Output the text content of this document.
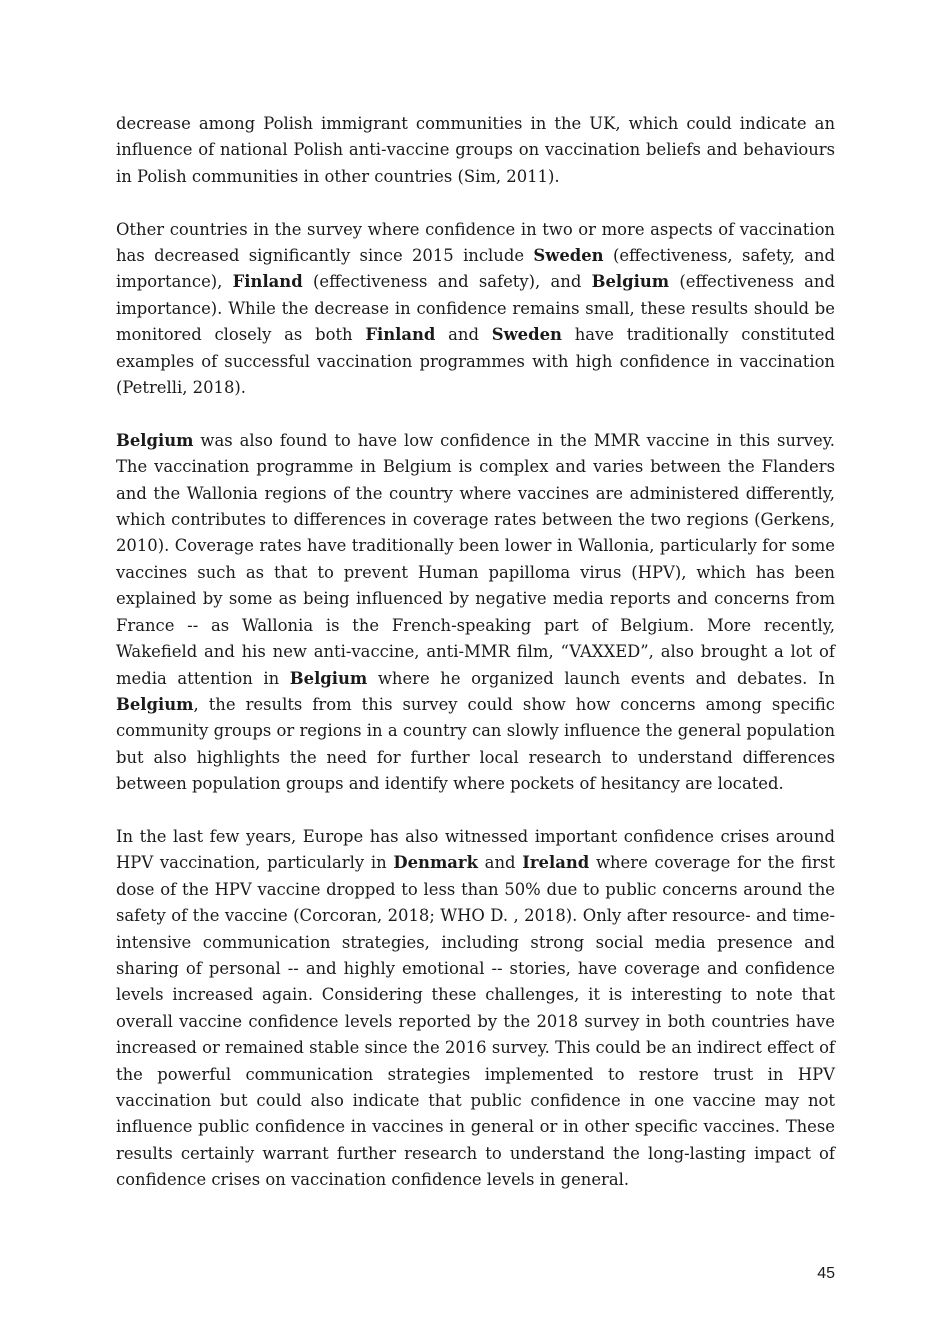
decrease among Polish immigrant communities in the UK, which could indicate an influence of national Polish anti-vaccine groups on vaccination beliefs and behaviours in Polish communities in other countries (Sim, 2011).

Other countries in the survey where confidence in two or more aspects of vaccination has decreased significantly since 2015 include Sweden (effectiveness, safety, and importance), Finland (effectiveness and safety), and Belgium (effectiveness and importance). While the decrease in confidence remains small, these results should be monitored closely as both Finland and Sweden have traditionally constituted examples of successful vaccination programmes with high confidence in vaccination (Petrelli, 2018).

Belgium was also found to have low confidence in the MMR vaccine in this survey. The vaccination programme in Belgium is complex and varies between the Flanders and the Wallonia regions of the country where vaccines are administered differently, which contributes to differences in coverage rates between the two regions (Gerkens, 2010). Coverage rates have traditionally been lower in Wallonia, particularly for some vaccines such as that to prevent Human papilloma virus (HPV), which has been explained by some as being influenced by negative media reports and concerns from France -- as Wallonia is the French-speaking part of Belgium. More recently, Wakefield and his new anti-vaccine, anti-MMR film, “VAXXED”, also brought a lot of media attention in Belgium where he organized launch events and debates. In Belgium, the results from this survey could show how concerns among specific community groups or regions in a country can slowly influence the general population but also highlights the need for further local research to understand differences between population groups and identify where pockets of hesitancy are located.

In the last few years, Europe has also witnessed important confidence crises around HPV vaccination, particularly in Denmark and Ireland where coverage for the first dose of the HPV vaccine dropped to less than 50% due to public concerns around the safety of the vaccine (Corcoran, 2018; WHO D. , 2018). Only after resource- and time-intensive communication strategies, including strong social media presence and sharing of personal -- and highly emotional -- stories, have coverage and confidence levels increased again. Considering these challenges, it is interesting to note that overall vaccine confidence levels reported by the 2018 survey in both countries have increased or remained stable since the 2016 survey. This could be an indirect effect of the powerful communication strategies implemented to restore trust in HPV vaccination but could also indicate that public confidence in one vaccine may not influence public confidence in vaccines in general or in other specific vaccines. These results certainly warrant further research to understand the long-lasting impact of confidence crises on vaccination confidence levels in general.

45
